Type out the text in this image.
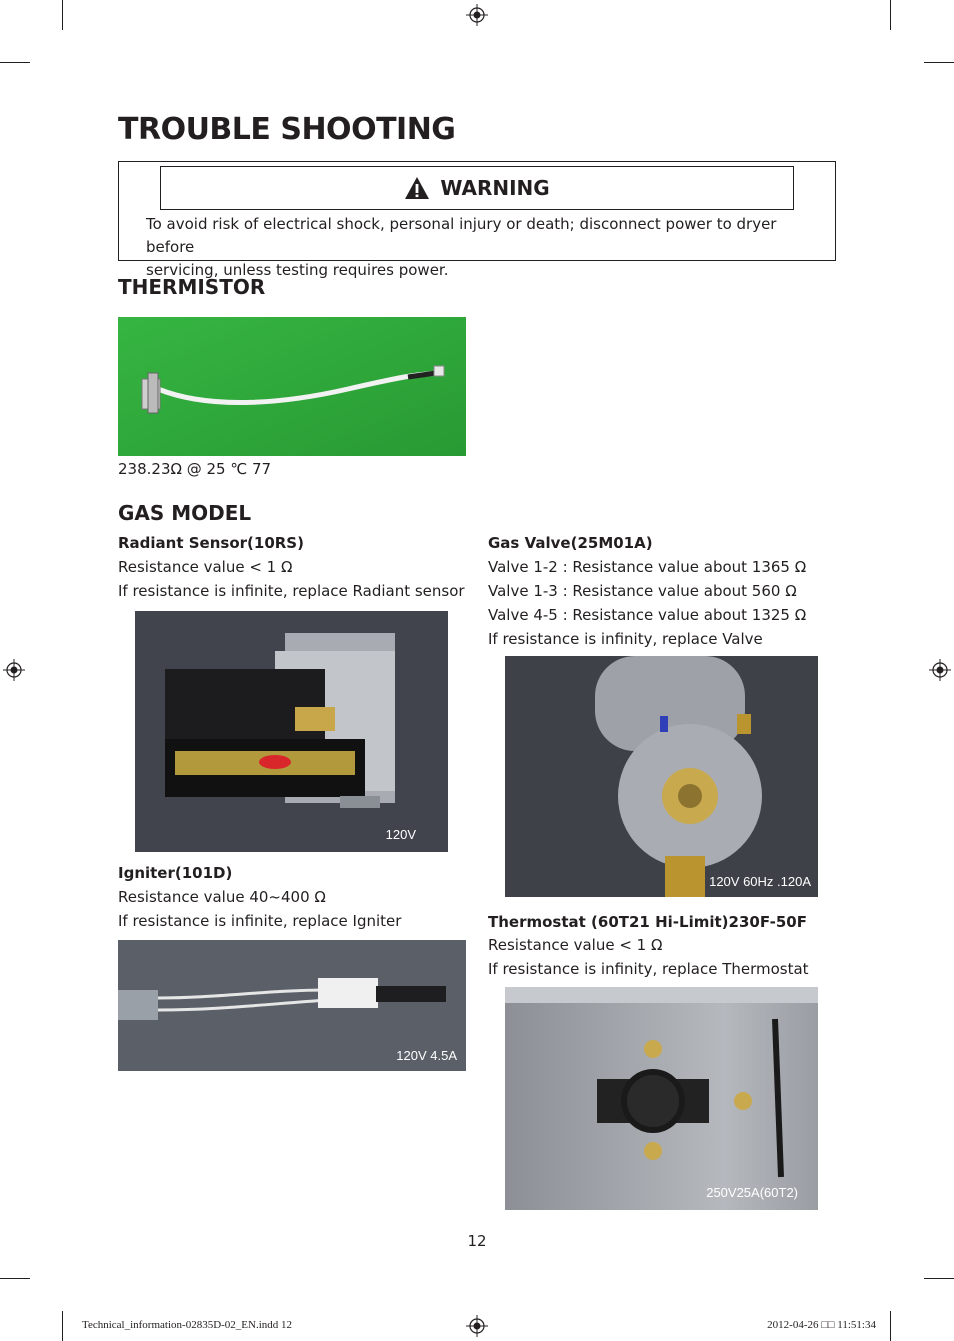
TROUBLE SHOOTING
WARNING
To avoid risk of electrical shock, personal injury or death; disconnect power to dryer before
servicing, unless testing requires power.
THERMISTOR
238.23Ω @ 25 ℃ 77
GAS MODEL
Radiant Sensor(10RS)
Resistance value < 1 Ω
If resistance is infinite, replace Radiant sensor
120V
Igniter(101D)
Resistance value 40~400 Ω
If resistance is infinite, replace Igniter
120V 4.5A
Gas Valve(25M01A)
Valve 1-2 : Resistance value about 1365 Ω
Valve 1-3 : Resistance value about 560 Ω
Valve 4-5 : Resistance value about 1325 Ω
If resistance is infinity, replace Valve
120V 60Hz .120A
Thermostat (60T21 Hi-Limit)230F-50F
Resistance value < 1 Ω
If resistance is infinity, replace Thermostat
250V25A(60T2)
12
Technical_information-02835D-02_EN.indd 12	2012-04-26 □□ 11:51:34
